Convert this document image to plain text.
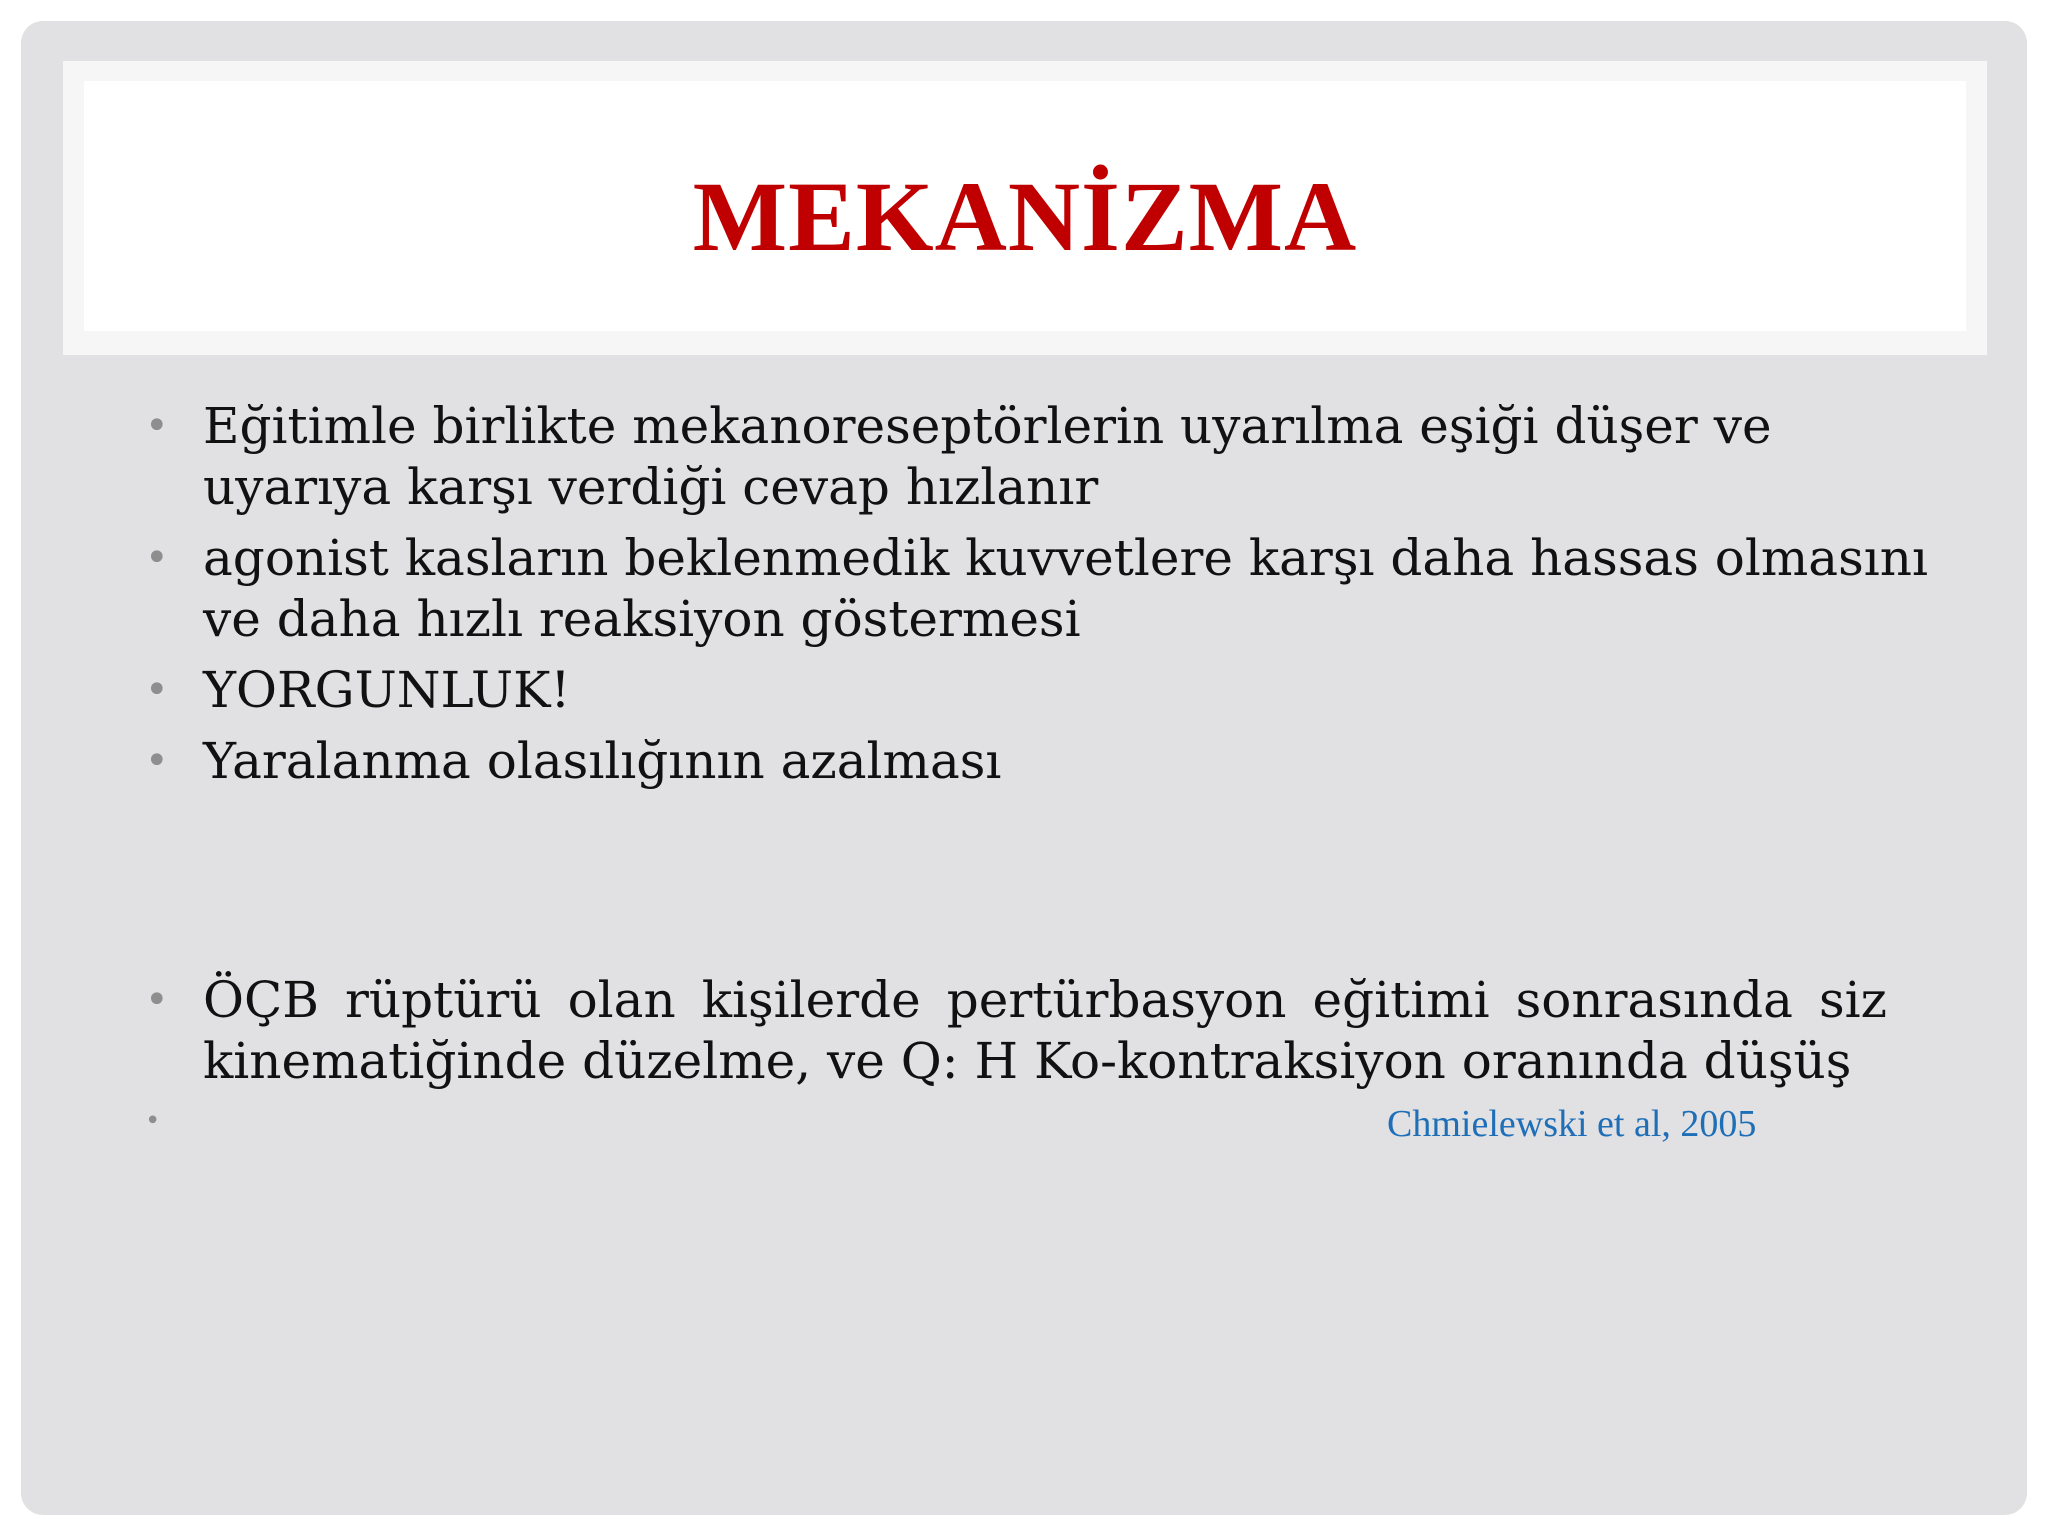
MEKANİZMA
• Eğitimle birlikte mekanoreseptörlerin uyarılma eşiği düşer ve uyarıya karşı verdiği cevap hızlanır
• agonist kasların beklenmedik kuvvetlere karşı daha hassas olmasını ve daha hızlı reaksiyon göstermesi
• YORGUNLUK!
• Yaralanma olasılığının azalması
• ÖÇB rüptürü olan kişilerde pertürbasyon eğitimi sonrasında siz kinematiğinde düzelme, ve Q: H Ko-kontraksiyon oranında düşüş
•	Chmielewski et al, 2005
